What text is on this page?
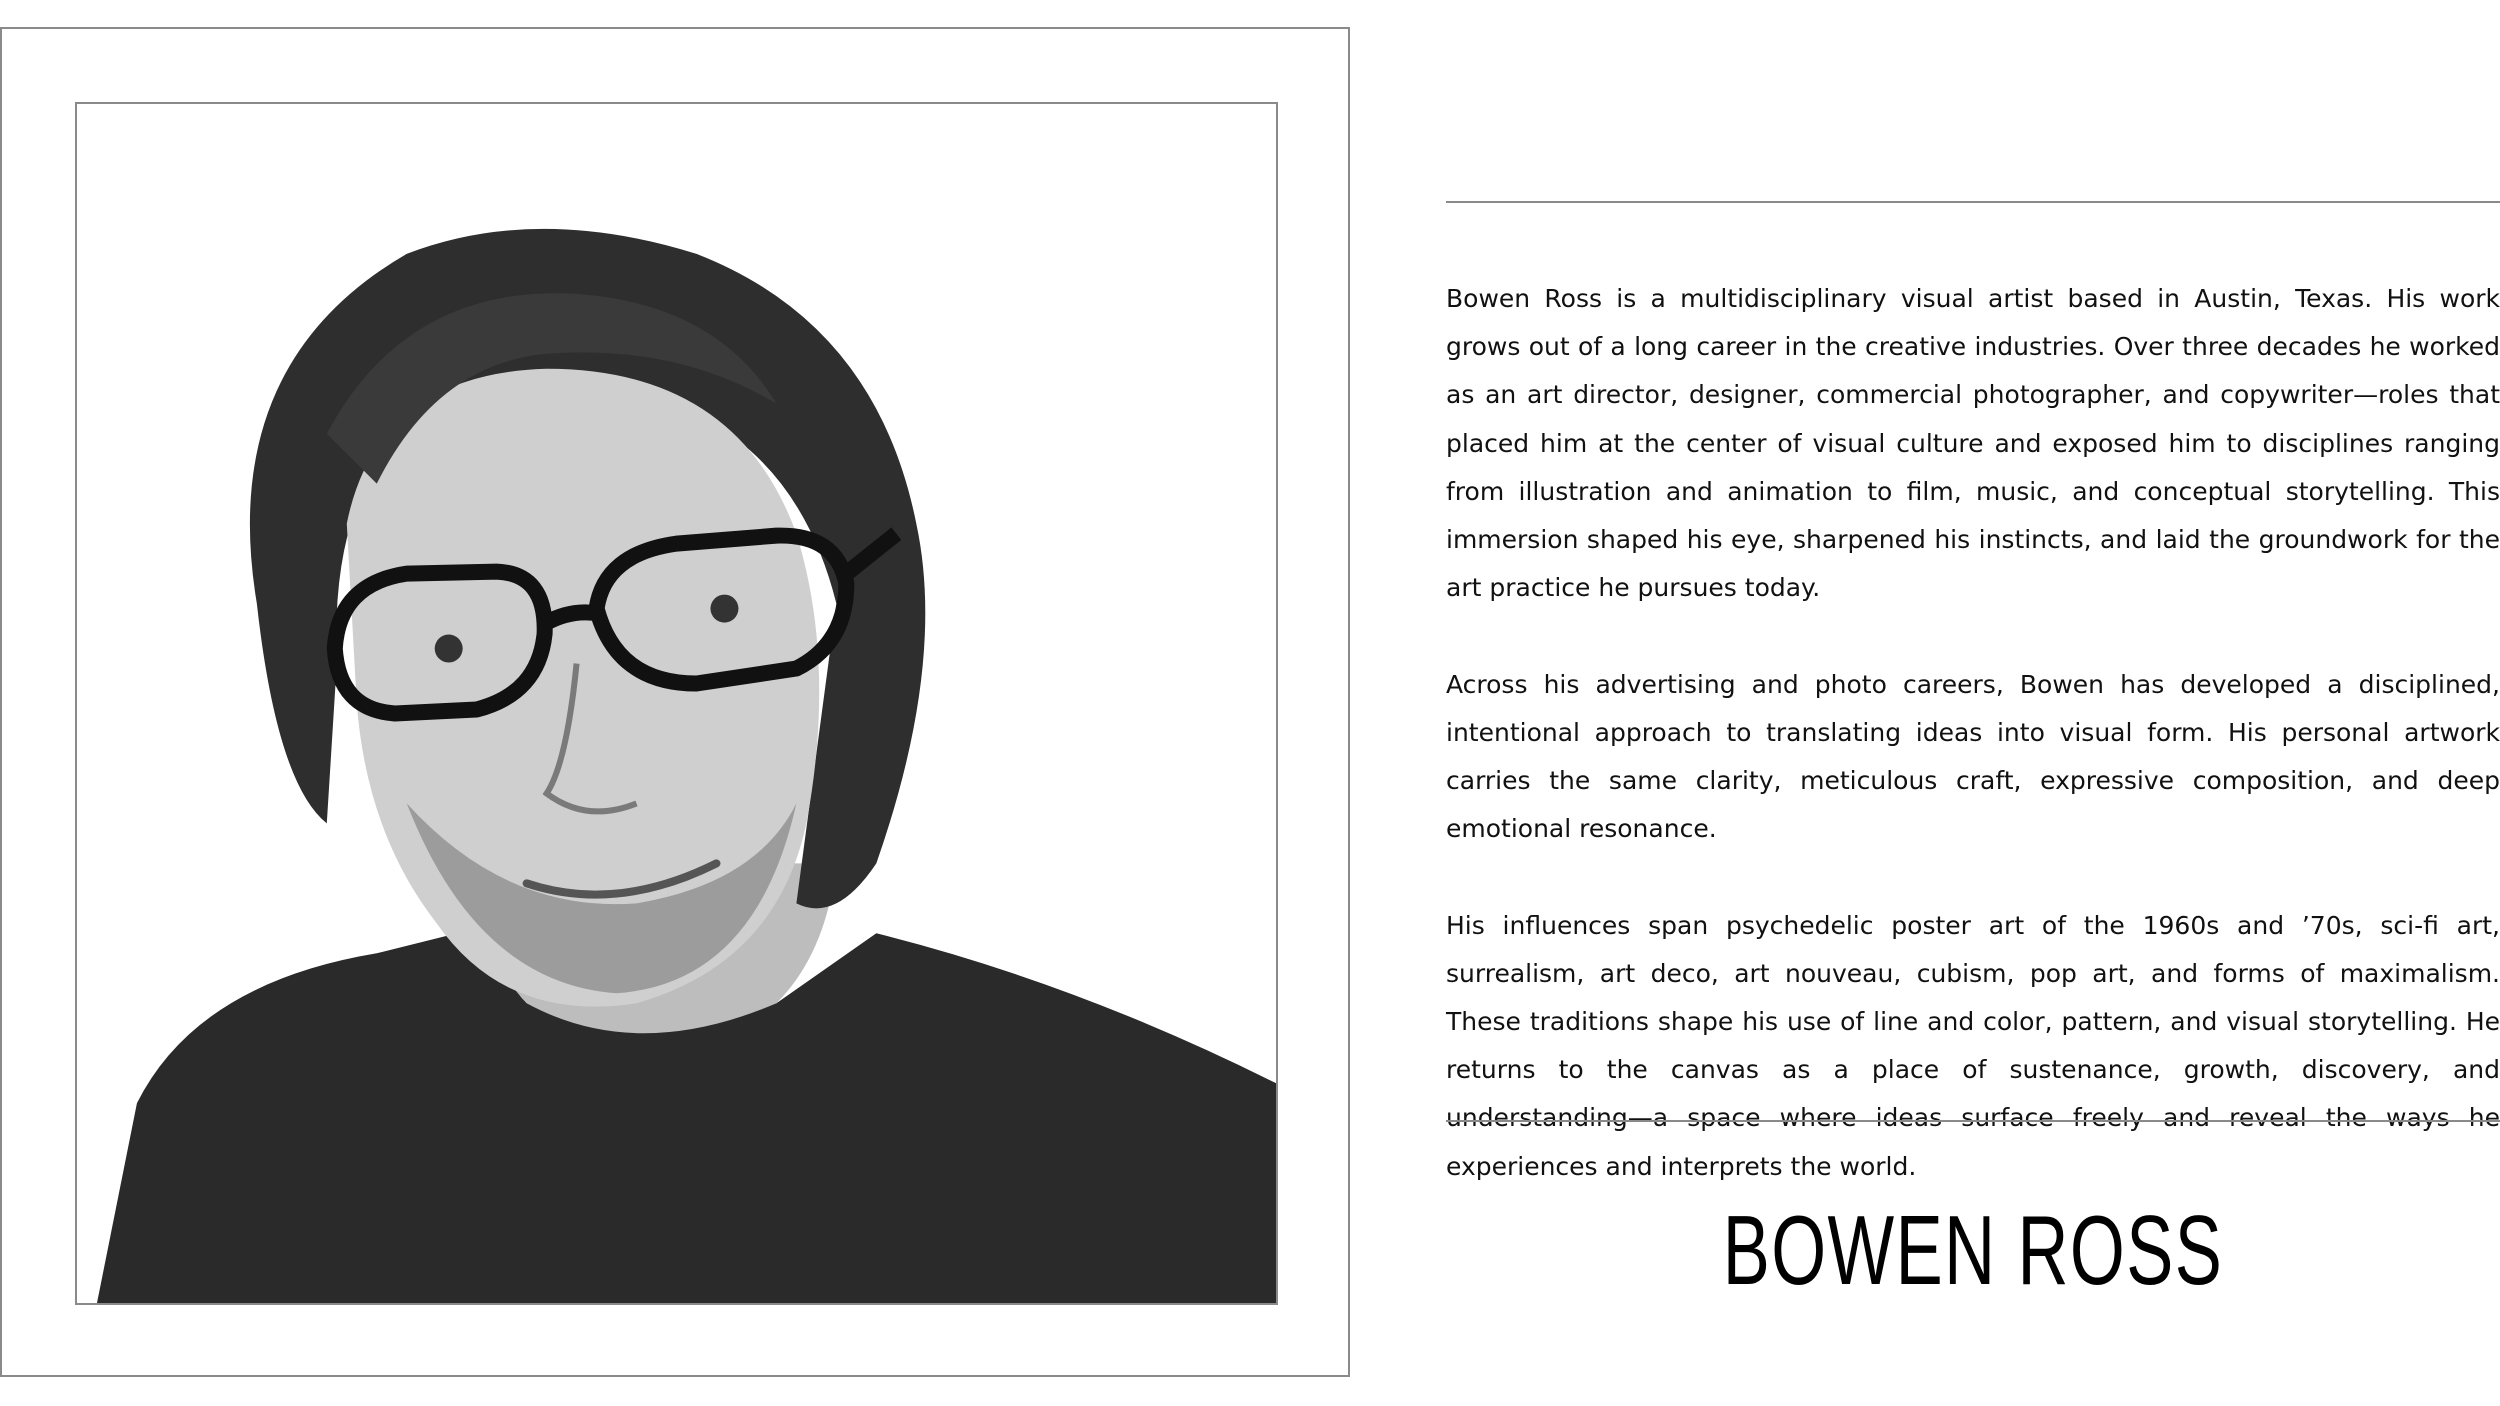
Bowen Ross is a multidisciplinary visual artist based in Austin, Texas. His work grows out of a long career in the creative industries. Over three decades he worked as an art director, designer, commercial photographer, and copywriter—roles that placed him at the center of visual culture and exposed him to disciplines ranging from illustration and animation to film, music, and conceptual storytelling. This immersion shaped his eye, sharpened his instincts, and laid the groundwork for the art practice he pursues today.

Across his advertising and photo careers, Bowen has developed a disciplined, intentional approach to translating ideas into visual form. His personal artwork carries the same clarity, meticulous craft, expressive composition, and deep emotional resonance.

His influences span psychedelic poster art of the 1960s and ’70s, sci-fi art, surrealism, art deco, art nouveau, cubism, pop art, and forms of maximalism. These traditions shape his use of line and color, pattern, and visual storytelling. He returns to the canvas as a place of sustenance, growth, discovery, and understanding—a space where ideas surface freely and reveal the ways he experiences and interprets the world.

BOWEN ROSS
